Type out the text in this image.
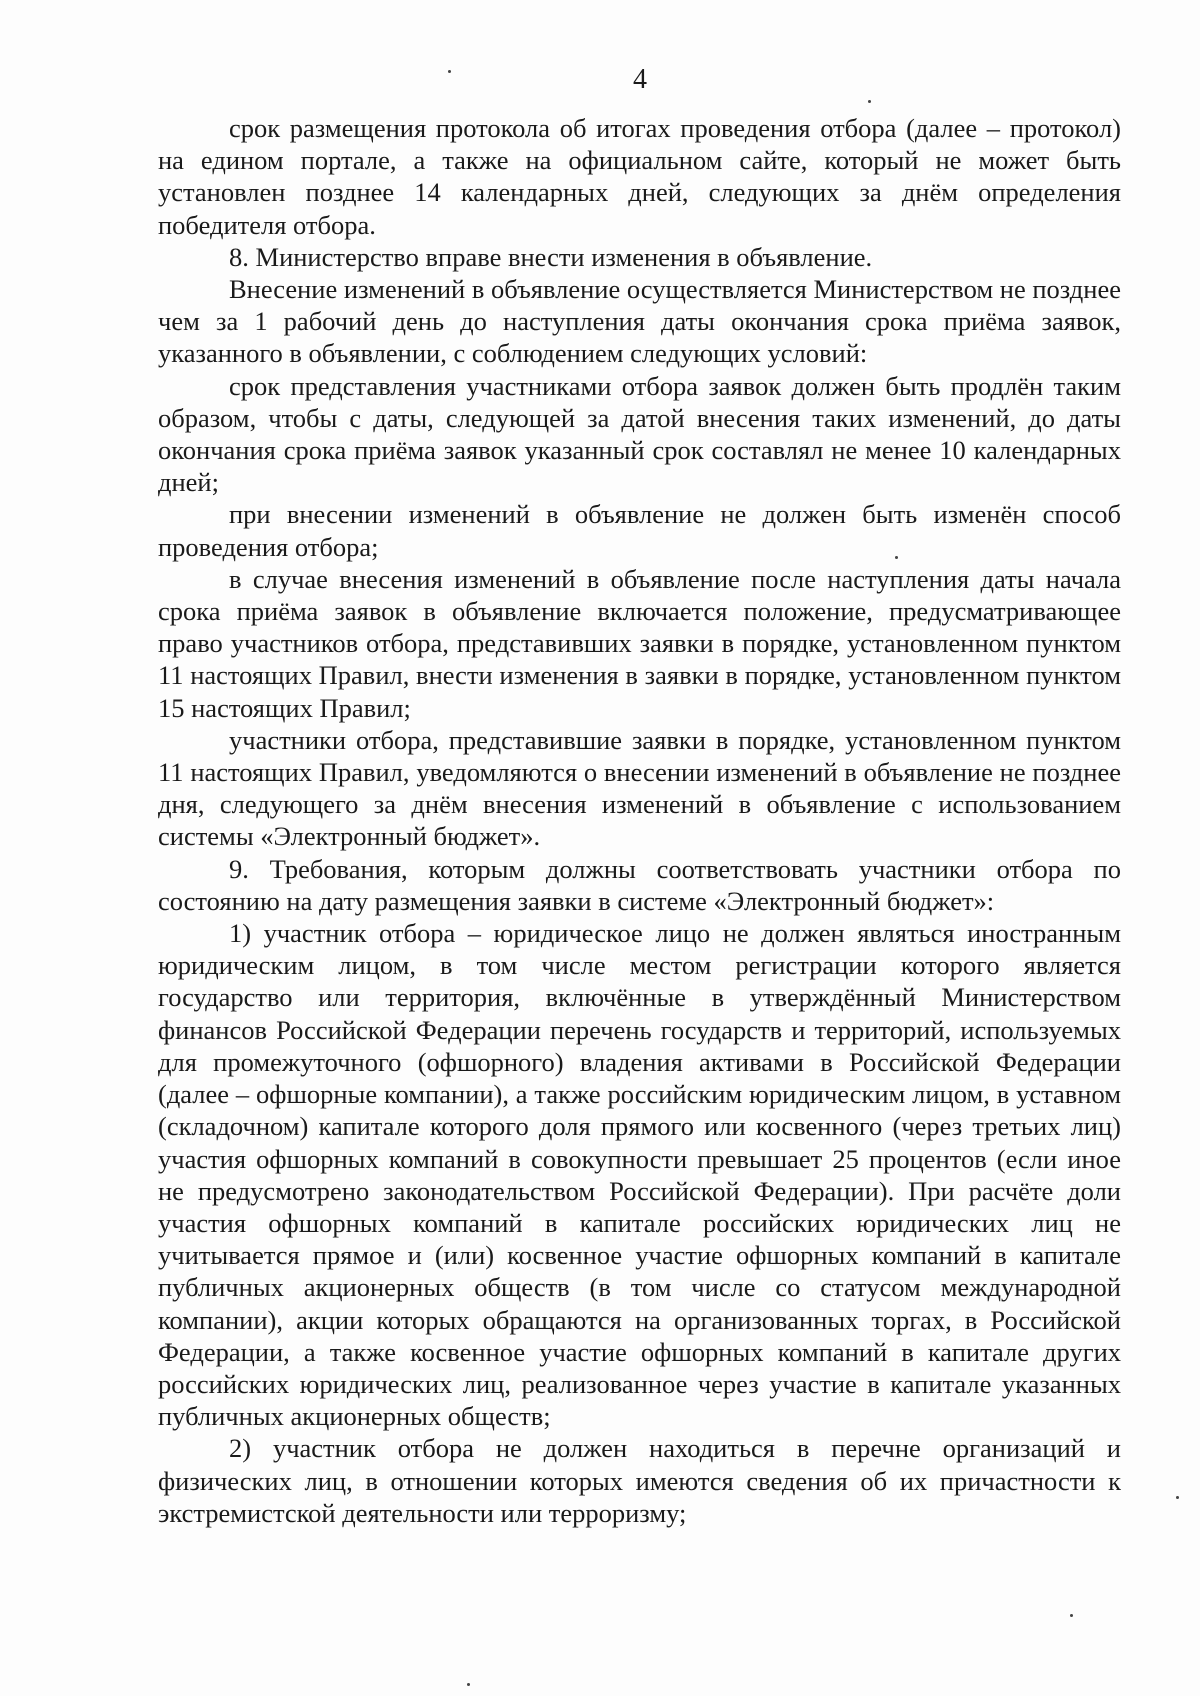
4

срок размещения протокола об итогах проведения отбора (далее – протокол) на едином портале, а также на официальном сайте, который не может быть установлен позднее 14 календарных дней, следующих за днём определения победителя отбора.

8. Министерство вправе внести изменения в объявление.

Внесение изменений в объявление осуществляется Министерством не позднее чем за 1 рабочий день до наступления даты окончания срока приёма заявок, указанного в объявлении, с соблюдением следующих условий:

срок представления участниками отбора заявок должен быть продлён таким образом, чтобы с даты, следующей за датой внесения таких изменений, до даты окончания срока приёма заявок указанный срок составлял не менее 10 календарных дней;

при внесении изменений в объявление не должен быть изменён способ проведения отбора;

в случае внесения изменений в объявление после наступления даты начала срока приёма заявок в объявление включается положение, предусматривающее право участников отбора, представивших заявки в порядке, установленном пунктом 11 настоящих Правил, внести изменения в заявки в порядке, установленном пунктом 15 настоящих Правил;

участники отбора, представившие заявки в порядке, установленном пунктом 11 настоящих Правил, уведомляются о внесении изменений в объявление не позднее дня, следующего за днём внесения изменений в объявление с использованием системы «Электронный бюджет».

9. Требования, которым должны соответствовать участники отбора по состоянию на дату размещения заявки в системе «Электронный бюджет»:

1) участник отбора – юридическое лицо не должен являться иностранным юридическим лицом, в том числе местом регистрации которого является государство или территория, включённые в утверждённый Министерством финансов Российской Федерации перечень государств и территорий, используемых для промежуточного (офшорного) владения активами в Российской Федерации (далее – офшорные компании), а также российским юридическим лицом, в уставном (складочном) капитале которого доля прямого или косвенного (через третьих лиц) участия офшорных компаний в совокупности превышает 25 процентов (если иное не предусмотрено законодательством Российской Федерации). При расчёте доли участия офшорных компаний в капитале российских юридических лиц не учитывается прямое и (или) косвенное участие офшорных компаний в капитале публичных акционерных обществ (в том числе со статусом международной компании), акции которых обращаются на организованных торгах, в Российской Федерации, а также косвенное участие офшорных компаний в капитале других российских юридических лиц, реализованное через участие в капитале указанных публичных акционерных обществ;

2) участник отбора не должен находиться в перечне организаций и физических лиц, в отношении которых имеются сведения об их причастности к экстремистской деятельности или терроризму;
